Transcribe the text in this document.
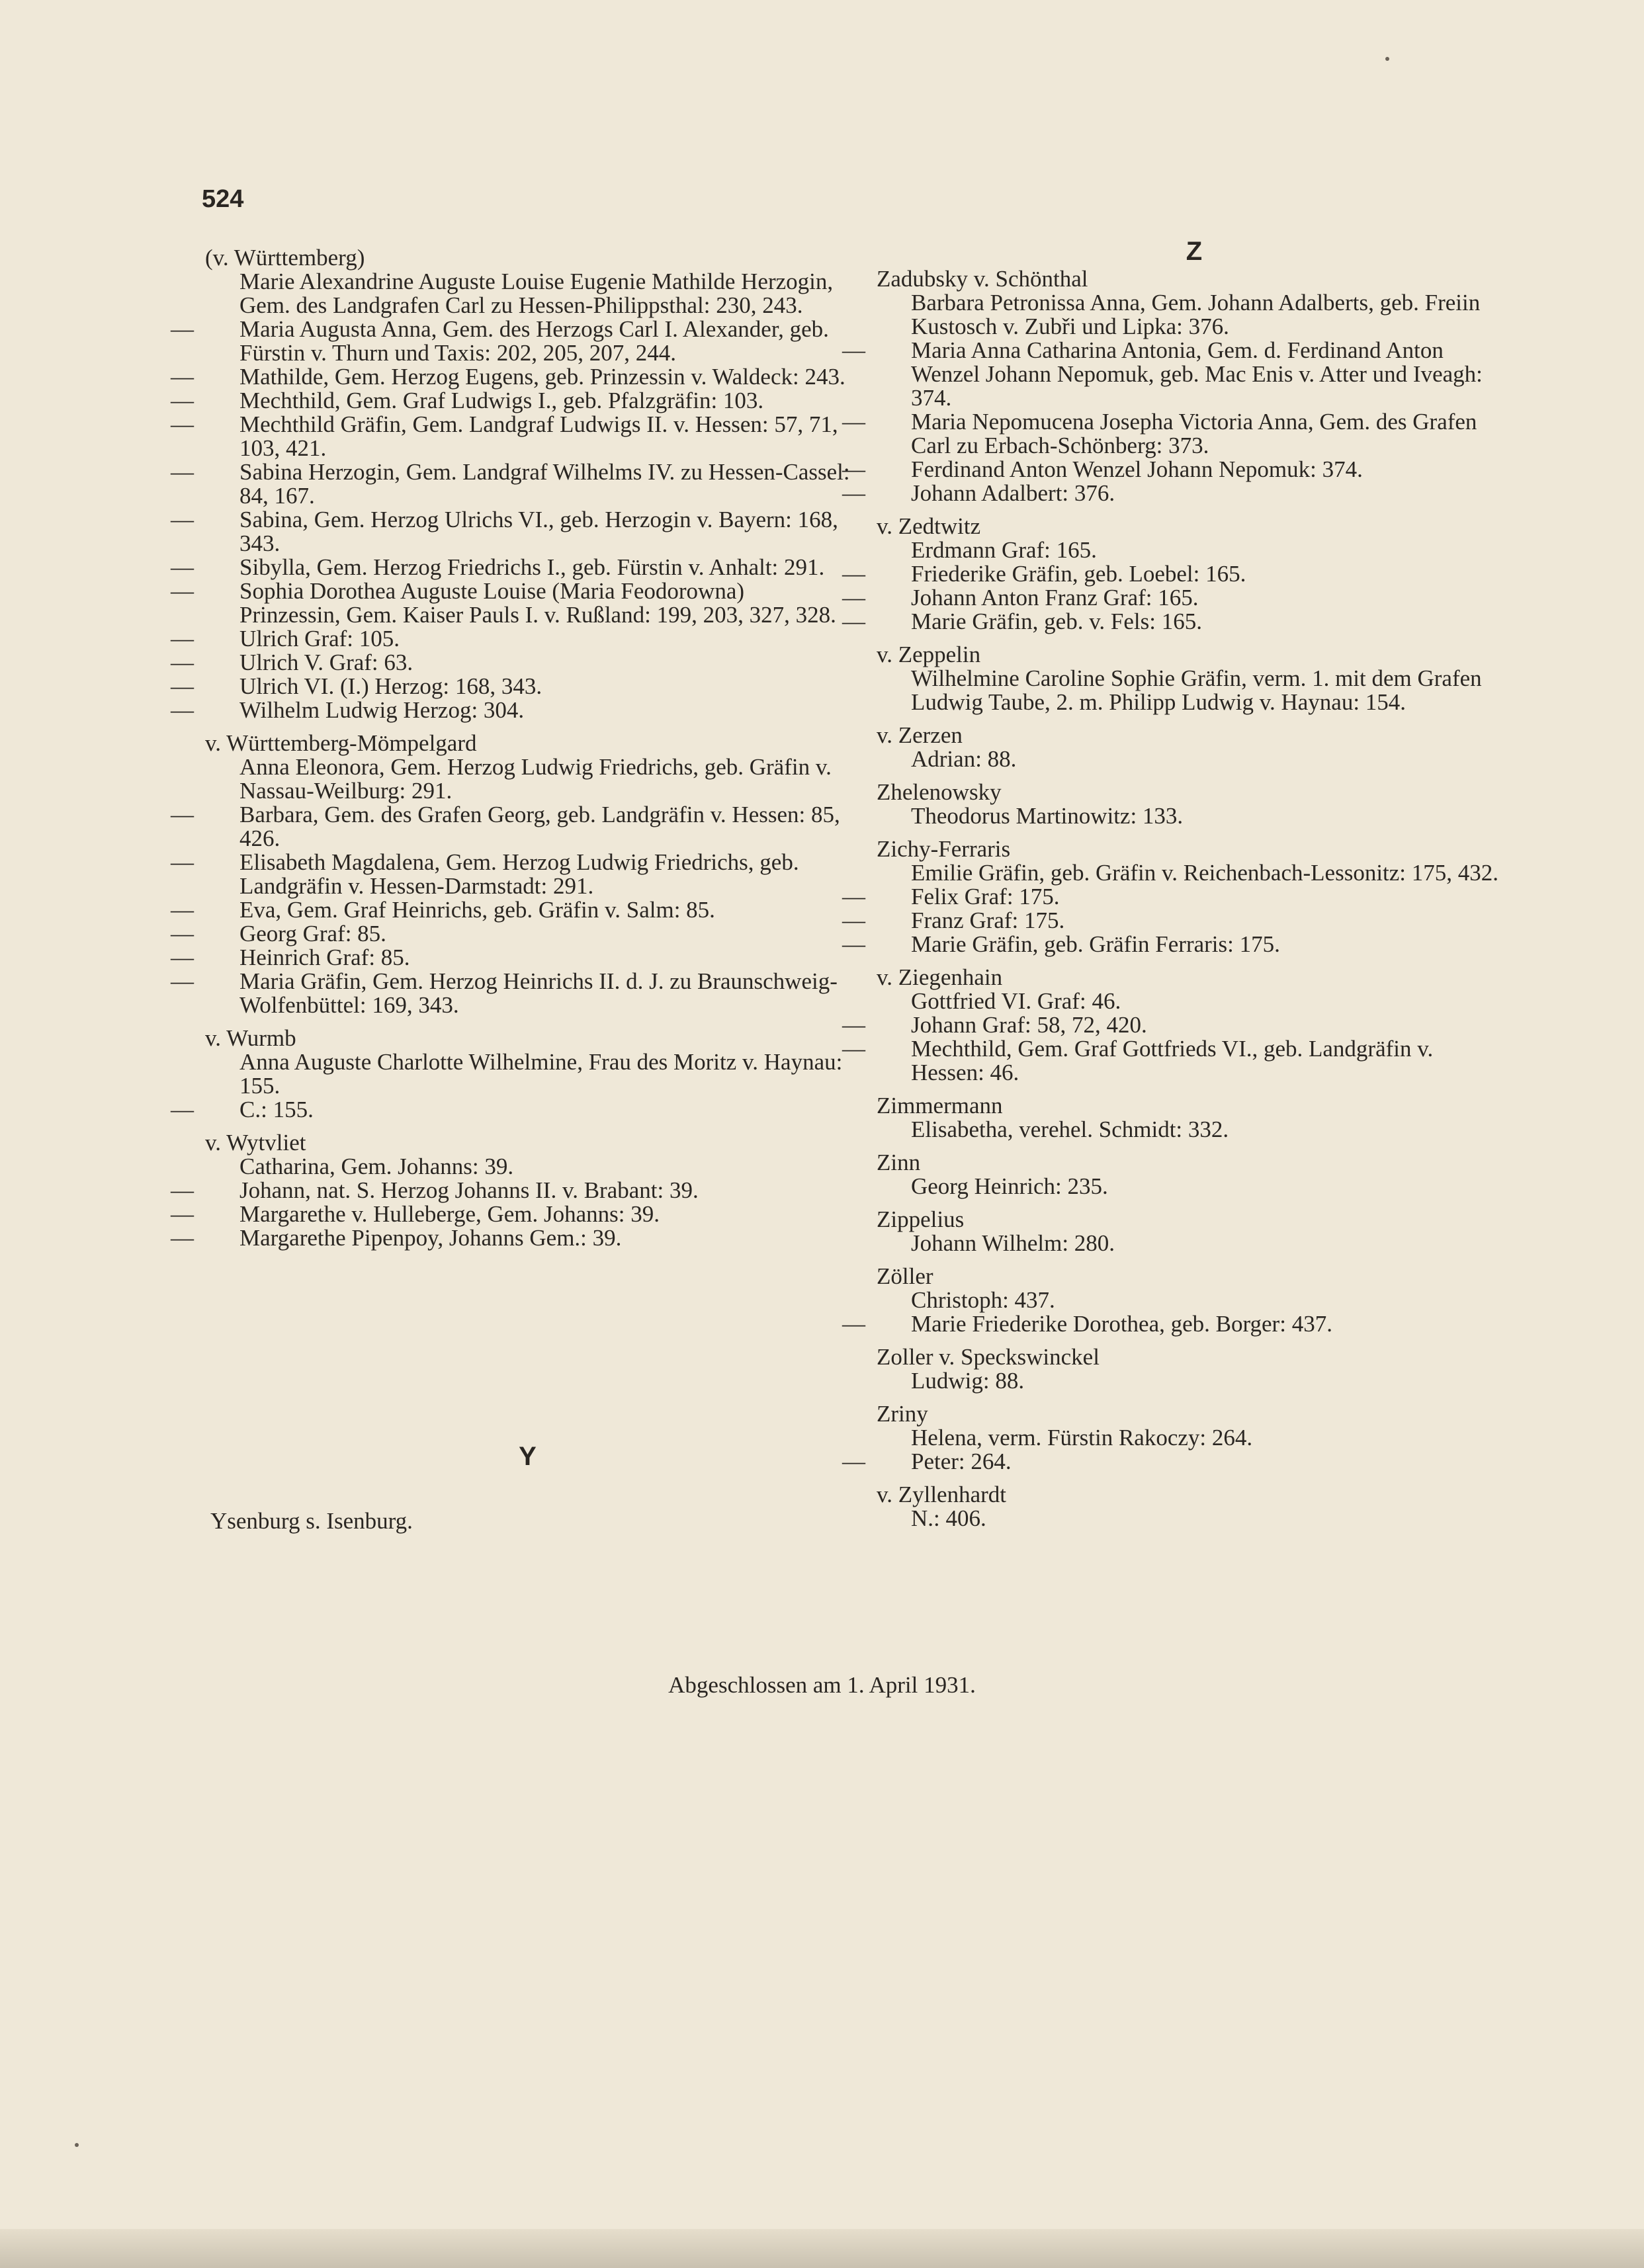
524
(v. Württemberg)
Marie Alexandrine Auguste Louise Eugenie Mathilde Herzogin, Gem. des Landgrafen Carl zu Hessen-Philippsthal: 230, 243.
— Maria Augusta Anna, Gem. des Herzogs Carl I. Alexander, geb. Fürstin v. Thurn und Taxis: 202, 205, 207, 244.
— Mathilde, Gem. Herzog Eugens, geb. Prinzessin v. Waldeck: 243.
— Mechthild, Gem. Graf Ludwigs I., geb. Pfalzgräfin: 103.
— Mechthild Gräfin, Gem. Landgraf Ludwigs II. v. Hessen: 57, 71, 103, 421.
— Sabina Herzogin, Gem. Landgraf Wilhelms IV. zu Hessen-Cassel: 84, 167.
— Sabina, Gem. Herzog Ulrichs VI., geb. Herzogin v. Bayern: 168, 343.
— Sibylla, Gem. Herzog Friedrichs I., geb. Fürstin v. Anhalt: 291.
— Sophia Dorothea Auguste Louise (Maria Feodorowna) Prinzessin, Gem. Kaiser Pauls I. v. Rußland: 199, 203, 327, 328.
— Ulrich Graf: 105.
— Ulrich V. Graf: 63.
— Ulrich VI. (I.) Herzog: 168, 343.
— Wilhelm Ludwig Herzog: 304.
v. Württemberg-Mömpelgard
Anna Eleonora, Gem. Herzog Ludwig Friedrichs, geb. Gräfin v. Nassau-Weilburg: 291.
— Barbara, Gem. des Grafen Georg, geb. Landgräfin v. Hessen: 85, 426.
— Elisabeth Magdalena, Gem. Herzog Ludwig Friedrichs, geb. Landgräfin v. Hessen-Darmstadt: 291.
— Eva, Gem. Graf Heinrichs, geb. Gräfin v. Salm: 85.
— Georg Graf: 85.
— Heinrich Graf: 85.
— Maria Gräfin, Gem. Herzog Heinrichs II. d. J. zu Braunschweig-Wolfenbüttel: 169, 343.
v. Wurmb
Anna Auguste Charlotte Wilhelmine, Frau des Moritz v. Haynau: 155.
— C.: 155.
v. Wytvliet
Catharina, Gem. Johanns: 39.
— Johann, nat. S. Herzog Johanns II. v. Brabant: 39.
— Margarethe v. Hulleberge, Gem. Johanns: 39.
— Margarethe Pipenpoy, Johanns Gem.: 39.
Y
Ysenburg s. Isenburg.
Z
Zadubsky v. Schönthal
Barbara Petronissa Anna, Gem. Johann Adalberts, geb. Freiin Kustosch v. Zubři und Lipka: 376.
— Maria Anna Catharina Antonia, Gem. d. Ferdinand Anton Wenzel Johann Nepomuk, geb. Mac Enis v. Atter und Iveagh: 374.
— Maria Nepomucena Josepha Victoria Anna, Gem. des Grafen Carl zu Erbach-Schönberg: 373.
— Ferdinand Anton Wenzel Johann Nepomuk: 374.
— Johann Adalbert: 376.
v. Zedtwitz
Erdmann Graf: 165.
— Friederike Gräfin, geb. Loebel: 165.
— Johann Anton Franz Graf: 165.
— Marie Gräfin, geb. v. Fels: 165.
v. Zeppelin
Wilhelmine Caroline Sophie Gräfin, verm. 1. mit dem Grafen Ludwig Taube, 2. m. Philipp Ludwig v. Haynau: 154.
v. Zerzen
Adrian: 88.
Zhelenowsky
Theodorus Martinowitz: 133.
Zichy-Ferraris
Emilie Gräfin, geb. Gräfin v. Reichenbach-Lessonitz: 175, 432.
— Felix Graf: 175.
— Franz Graf: 175.
— Marie Gräfin, geb. Gräfin Ferraris: 175.
v. Ziegenhain
Gottfried VI. Graf: 46.
— Johann Graf: 58, 72, 420.
— Mechthild, Gem. Graf Gottfrieds VI., geb. Landgräfin v. Hessen: 46.
Zimmermann
Elisabetha, verehel. Schmidt: 332.
Zinn
Georg Heinrich: 235.
Zippelius
Johann Wilhelm: 280.
Zöller
Christoph: 437.
— Marie Friederike Dorothea, geb. Borger: 437.
Zoller v. Speckswinckel
Ludwig: 88.
Zriny
Helena, verm. Fürstin Rakoczy: 264.
— Peter: 264.
v. Zyllenhardt
N.: 406.
Abgeschlossen am 1. April 1931.
